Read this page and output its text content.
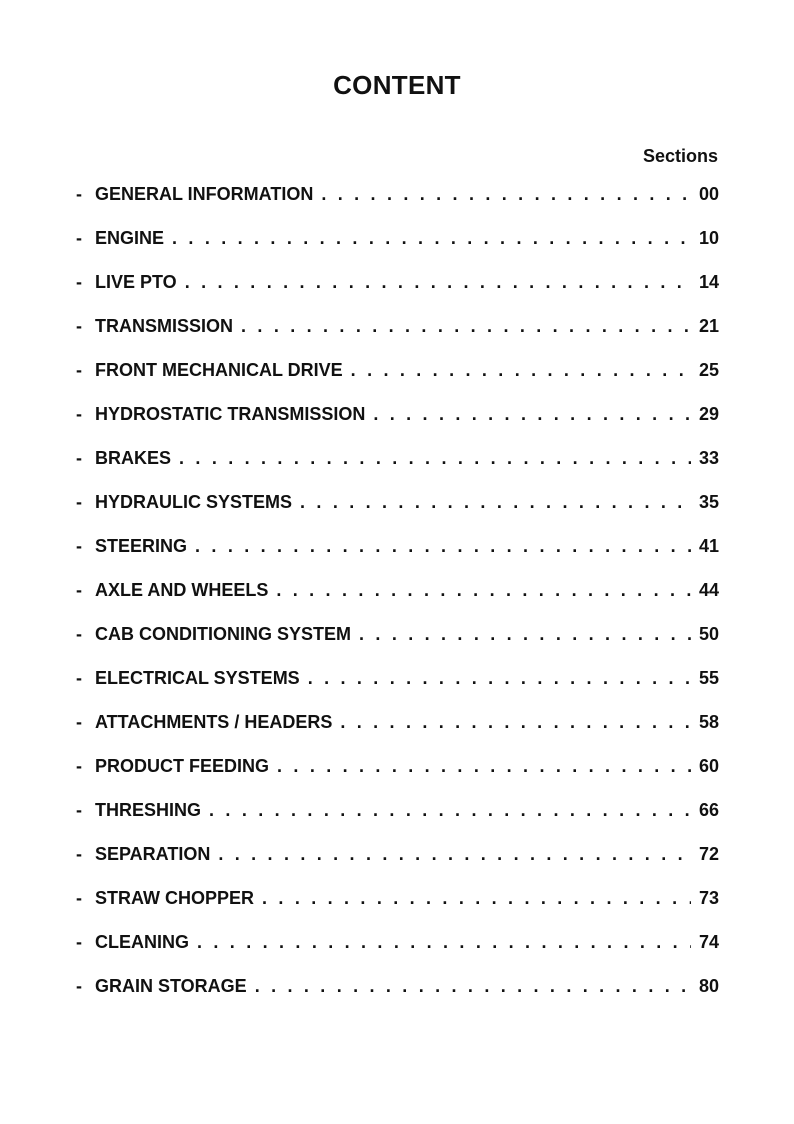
CONTENT
Sections
- GENERAL INFORMATION . . .	00
- ENGINE . . .	10
- LIVE PTO . . .	14
- TRANSMISSION . . .	21
- FRONT MECHANICAL DRIVE . . .	25
- HYDROSTATIC TRANSMISSION . . .	29
- BRAKES . . .	33
- HYDRAULIC SYSTEMS . . .	35
- STEERING . . .	41
- AXLE AND WHEELS . . .	44
- CAB CONDITIONING SYSTEM . . .	50
- ELECTRICAL SYSTEMS . . .	55
- ATTACHMENTS / HEADERS . . .	58
- PRODUCT FEEDING . . .	60
- THRESHING . . .	66
- SEPARATION . . .	72
- STRAW CHOPPER . . .	73
- CLEANING . . .	74
- GRAIN STORAGE . . .	80
